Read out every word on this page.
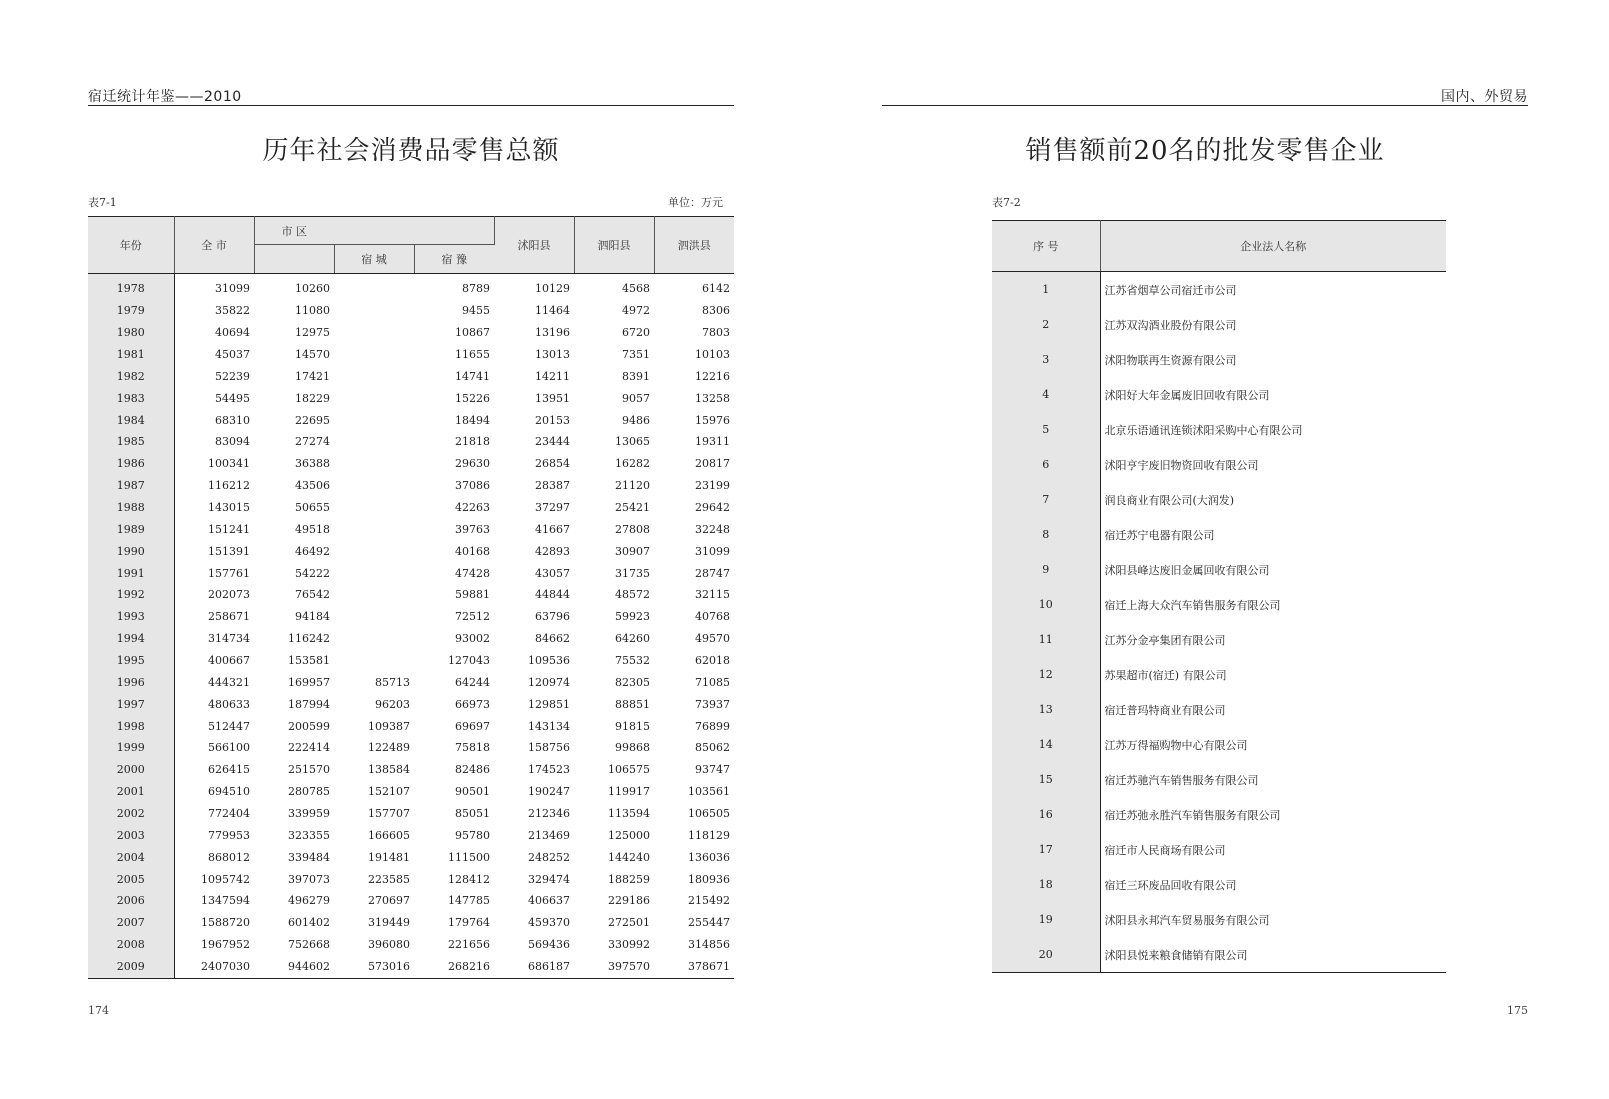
宿迁统计年鉴——2010
历年社会消费品零售总额
表7-1	单位：万元
年份	全 市	市 区			沭阳县	泗阳县	泗洪县
			宿 城	宿 豫			
1978	31099	10260		8789	10129	4568	6142
1979	35822	11080		9455	11464	4972	8306
1980	40694	12975		10867	13196	6720	7803
1981	45037	14570		11655	13013	7351	10103
1982	52239	17421		14741	14211	8391	12216
1983	54495	18229		15226	13951	9057	13258
1984	68310	22695		18494	20153	9486	15976
1985	83094	27274		21818	23444	13065	19311
1986	100341	36388		29630	26854	16282	20817
1987	116212	43506		37086	28387	21120	23199
1988	143015	50655		42263	37297	25421	29642
1989	151241	49518		39763	41667	27808	32248
1990	151391	46492		40168	42893	30907	31099
1991	157761	54222		47428	43057	31735	28747
1992	202073	76542		59881	44844	48572	32115
1993	258671	94184		72512	63796	59923	40768
1994	314734	116242		93002	84662	64260	49570
1995	400667	153581		127043	109536	75532	62018
1996	444321	169957	85713	64244	120974	82305	71085
1997	480633	187994	96203	66973	129851	88851	73937
1998	512447	200599	109387	69697	143134	91815	76899
1999	566100	222414	122489	75818	158756	99868	85062
2000	626415	251570	138584	82486	174523	106575	93747
2001	694510	280785	152107	90501	190247	119917	103561
2002	772404	339959	157707	85051	212346	113594	106505
2003	779953	323355	166605	95780	213469	125000	118129
2004	868012	339484	191481	111500	248252	144240	136036
2005	1095742	397073	223585	128412	329474	188259	180936
2006	1347594	496279	270697	147785	406637	229186	215492
2007	1588720	601402	319449	179764	459370	272501	255447
2008	1967952	752668	396080	221656	569436	330992	314856
2009	2407030	944602	573016	268216	686187	397570	378671
174
国内、外贸易
销售额前20名的批发零售企业
表7-2
175
序 号	企业法人名称
1	江苏省烟草公司宿迁市公司
2	江苏双沟酒业股份有限公司
3	沭阳物联再生资源有限公司
4	沭阳好大年金属废旧回收有限公司
5	北京乐语通讯连锁沭阳采购中心有限公司
6	沭阳亨宇废旧物资回收有限公司
7	润良商业有限公司(大润发)
8	宿迁苏宁电器有限公司
9	沭阳县峰达废旧金属回收有限公司
10	宿迁上海大众汽车销售服务有限公司
11	江苏分金亭集团有限公司
12	苏果超市(宿迁) 有限公司
13	宿迁普玛特商业有限公司
14	江苏万得福购物中心有限公司
15	宿迁苏驰汽车销售服务有限公司
16	宿迁苏弛永胜汽车销售服务有限公司
17	宿迁市人民商场有限公司
18	宿迁三环废品回收有限公司
19	沭阳县永邦汽车贸易服务有限公司
20	沭阳县悦来粮食储销有限公司
